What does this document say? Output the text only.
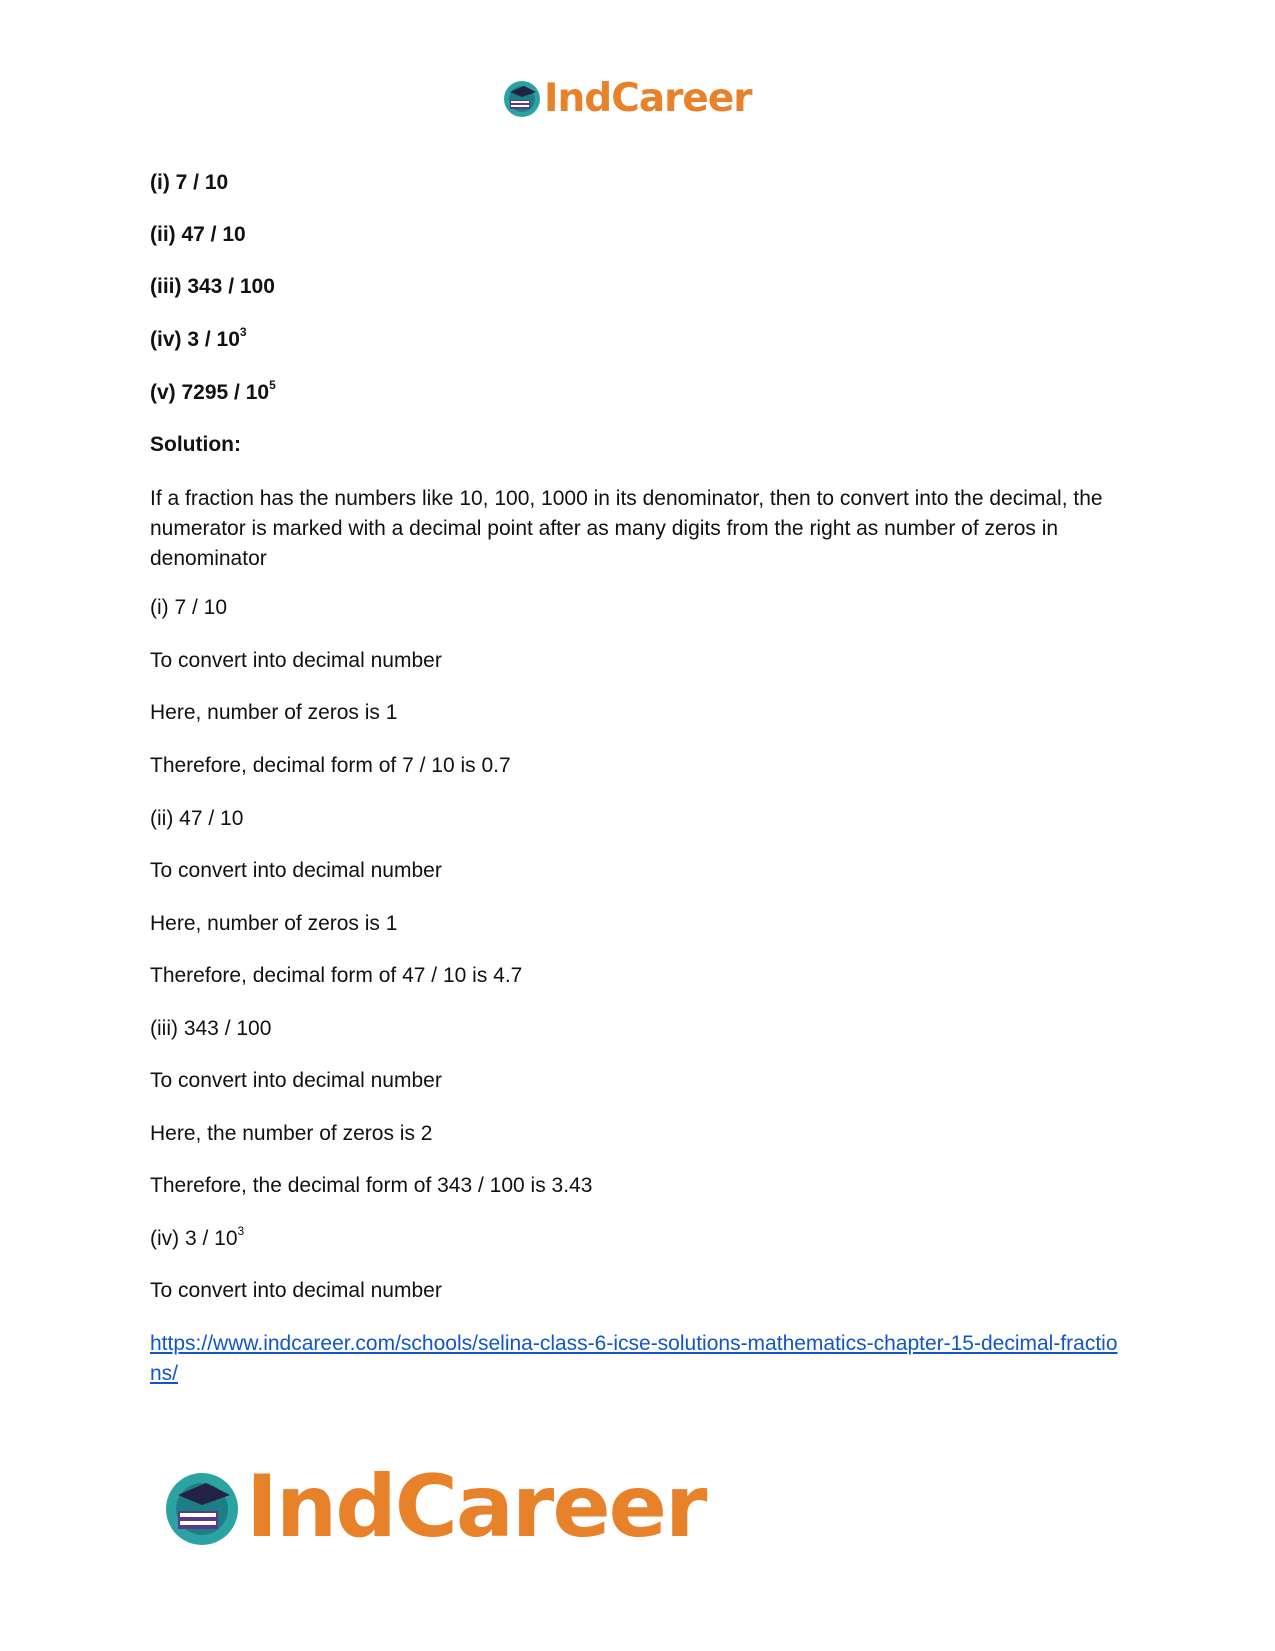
IndCareer
(i) 7 / 10
(ii) 47 / 10
(iii) 343 / 100
(iv) $3 / 10^3$
(v) $7295 / 10^5$
Solution:
If a fraction has the numbers like 10, 100, 1000 in its denominator, then to convert into the decimal, the numerator is marked with a decimal point after as many digits from the right as number of zeros in denominator
(i) 7 / 10
To convert into decimal number
Here, number of zeros is 1
Therefore, decimal form of 7 / 10 is 0.7
(ii) 47 / 10
To convert into decimal number
Here, number of zeros is 1
Therefore, decimal form of 47 / 10 is 4.7
(iii) 343 / 100
To convert into decimal number
Here, the number of zeros is 2
Therefore, the decimal form of 343 / 100 is 3.43
(iv) $3 / 10^3$
To convert into decimal number
https://www.indcareer.com/schools/selina-class-6-icse-solutions-mathematics-chapter-15-decimal-fractions/
IndCareer
